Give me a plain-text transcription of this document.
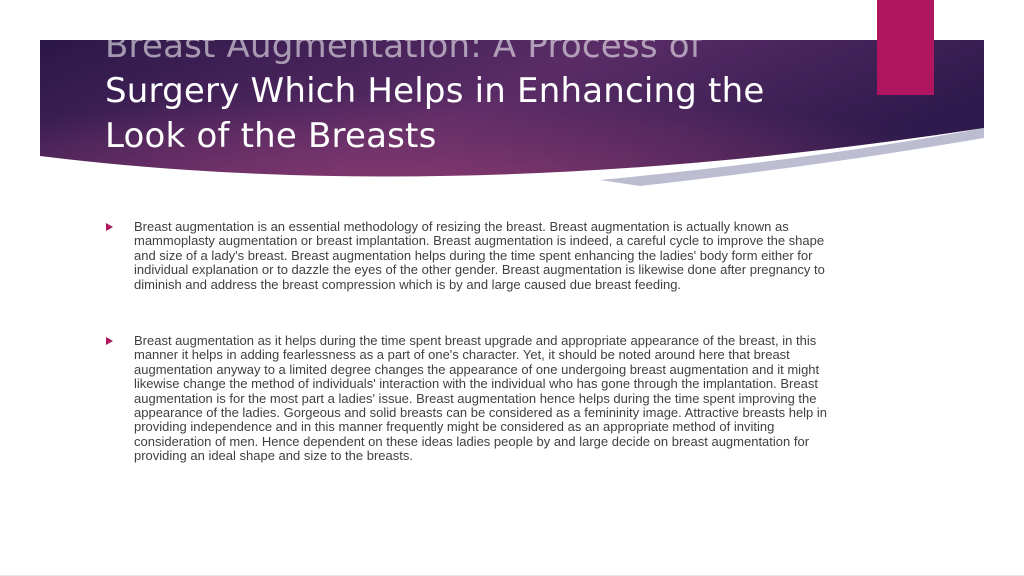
Breast Augmentation: A Process of
Surgery Which Helps in Enhancing the
Look of the Breasts
Breast augmentation is an essential methodology of resizing the breast. Breast augmentation is actually known as mammoplasty augmentation or breast implantation. Breast augmentation is indeed, a careful cycle to improve the shape and size of a lady's breast. Breast augmentation helps during the time spent enhancing the ladies' body form either for individual explanation or to dazzle the eyes of the other gender. Breast augmentation is likewise done after pregnancy to diminish and address the breast compression which is by and large caused due breast feeding.
Breast augmentation as it helps during the time spent breast upgrade and appropriate appearance of the breast, in this manner it helps in adding fearlessness as a part of one's character. Yet, it should be noted around here that breast augmentation anyway to a limited degree changes the appearance of one undergoing breast augmentation and it might likewise change the method of individuals' interaction with the individual who has gone through the implantation. Breast augmentation is for the most part a ladies' issue. Breast augmentation hence helps during the time spent improving the appearance of the ladies. Gorgeous and solid breasts can be considered as a femininity image. Attractive breasts help in providing independence and in this manner frequently might be considered as an appropriate method of inviting consideration of men. Hence dependent on these ideas ladies people by and large decide on breast augmentation for providing an ideal shape and size to the breasts.
